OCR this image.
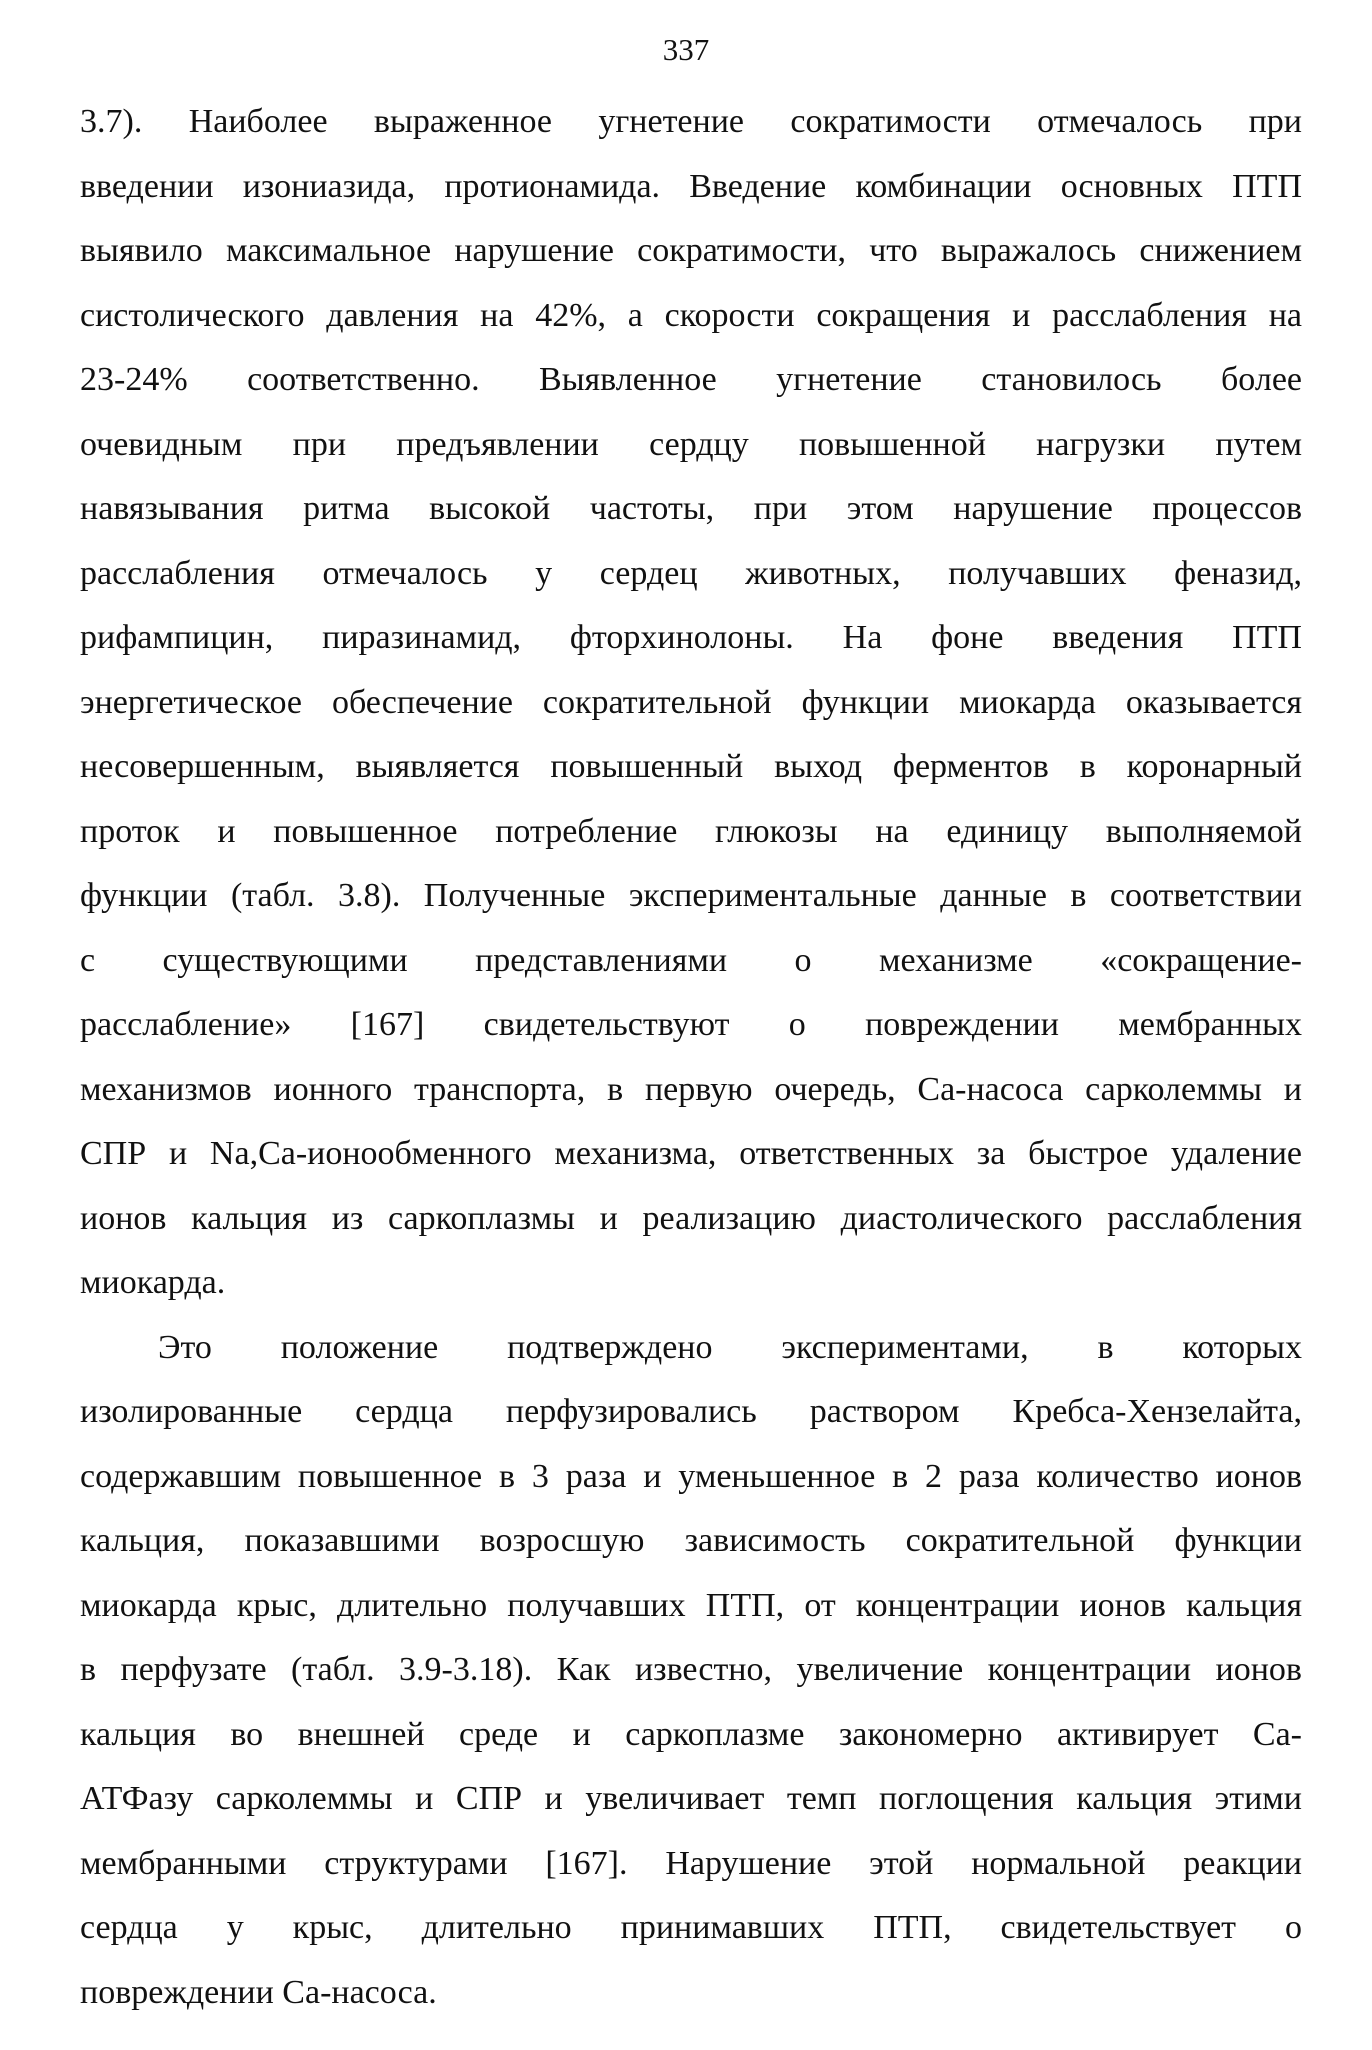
337
3.7). Наиболее выраженное угнетение сократимости отмечалось при
введении изониазида, протионамида. Введение комбинации основных ПТП
выявило максимальное нарушение сократимости, что выражалось снижением
систолического давления на 42%, а скорости сокращения и расслабления на
23-24% соответственно. Выявленное угнетение становилось более
очевидным при предъявлении сердцу повышенной нагрузки путем
навязывания ритма высокой частоты, при этом нарушение процессов
расслабления отмечалось у сердец животных, получавших феназид,
рифампицин, пиразинамид, фторхинолоны. На фоне введения ПТП
энергетическое обеспечение сократительной функции миокарда оказывается
несовершенным, выявляется повышенный выход ферментов в коронарный
проток и повышенное потребление глюкозы на единицу выполняемой
функции (табл. 3.8). Полученные экспериментальные данные в соответствии
с существующими представлениями о механизме «сокращение-
расслабление» [167] свидетельствуют о повреждении мембранных
механизмов ионного транспорта, в первую очередь, Са-насоса сарколеммы и
СПР и Na,Са-ионообменного механизма, ответственных за быстрое удаление
ионов кальция из саркоплазмы и реализацию диастолического расслабления
миокарда.
Это положение подтверждено экспериментами, в которых
изолированные сердца перфузировались раствором Кребса-Хензелайта,
содержавшим повышенное в 3 раза и уменьшенное в 2 раза количество ионов
кальция, показавшими возросшую зависимость сократительной функции
миокарда крыс, длительно получавших ПТП, от концентрации ионов кальция
в перфузате (табл. 3.9-3.18). Как известно, увеличение концентрации ионов
кальция во внешней среде и саркоплазме закономерно активирует Са-
АТФазу сарколеммы и СПР и увеличивает темп поглощения кальция этими
мембранными структурами [167]. Нарушение этой нормальной реакции
сердца у крыс, длительно принимавших ПТП, свидетельствует о
повреждении Са-насоса.
